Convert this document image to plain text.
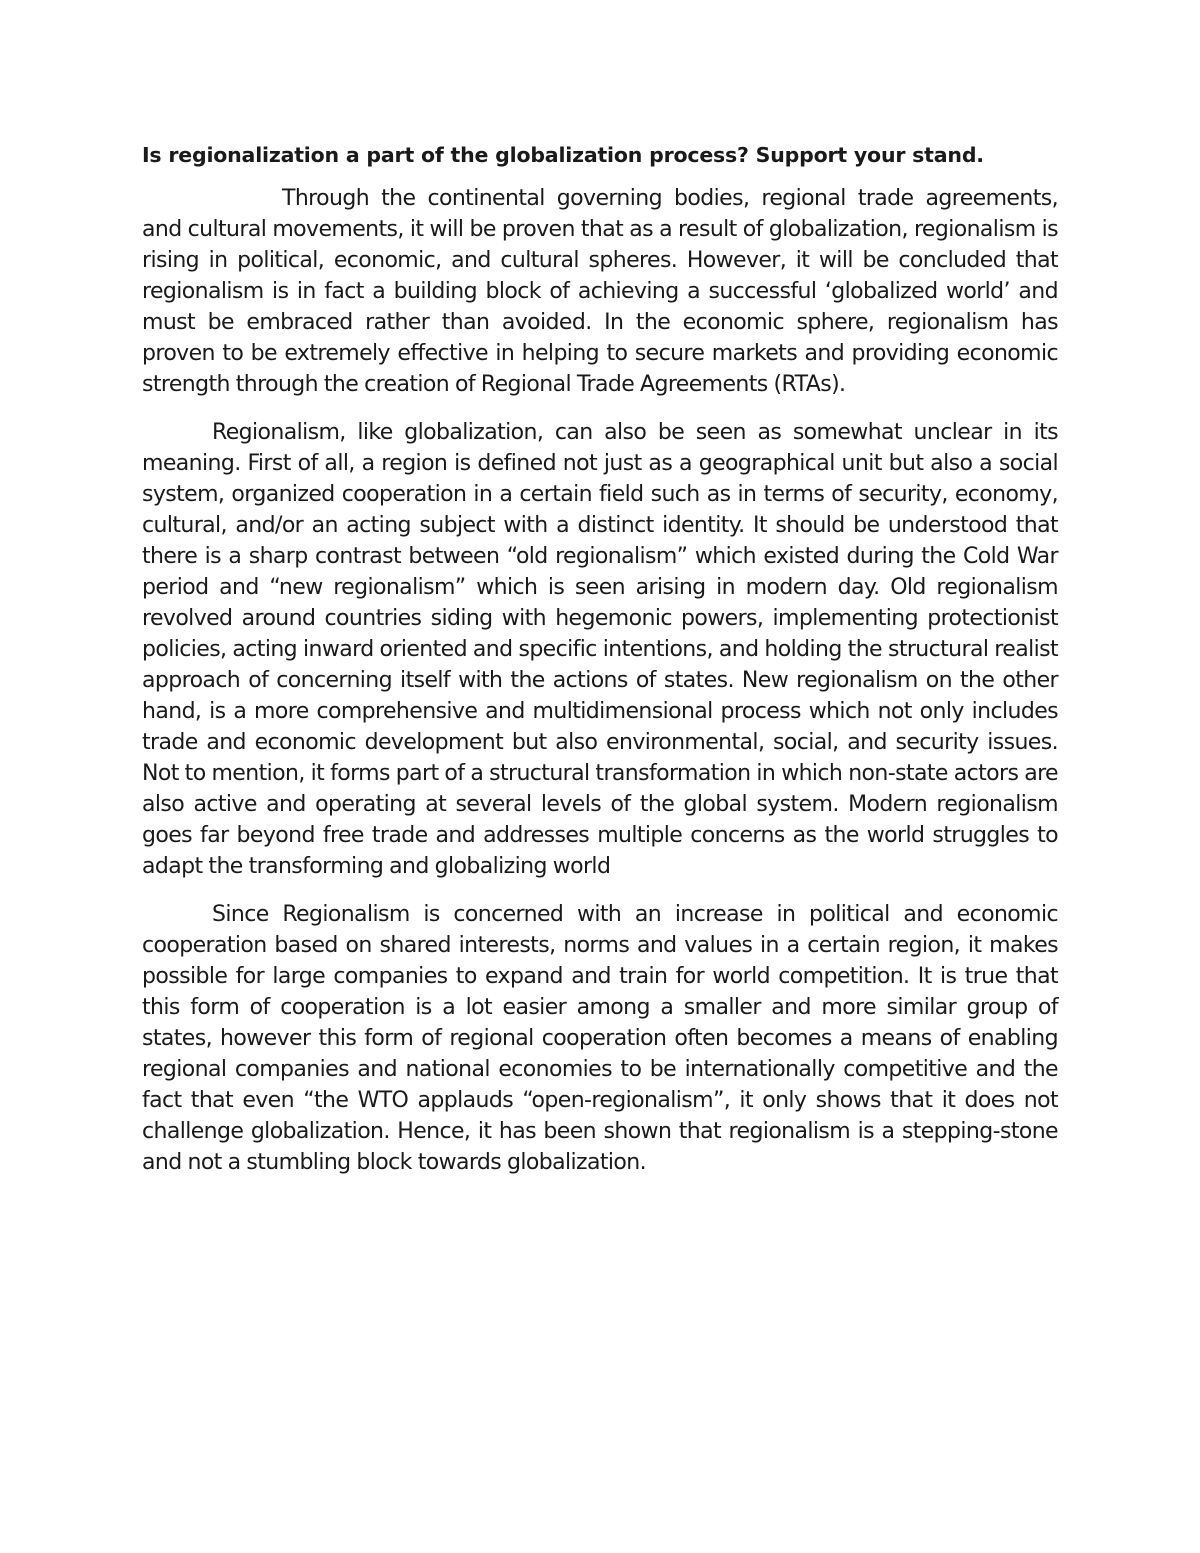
Is regionalization a part of the globalization process? Support your stand.

Through the continental governing bodies, regional trade agreements, and cultural movements, it will be proven that as a result of globalization, regionalism is rising in political, economic, and cultural spheres. However, it will be concluded that regionalism is in fact a building block of achieving a successful ‘globalized world’ and must be embraced rather than avoided. In the economic sphere, regionalism has proven to be extremely effective in helping to secure markets and providing economic strength through the creation of Regional Trade Agreements (RTAs).

Regionalism, like globalization, can also be seen as somewhat unclear in its meaning. First of all, a region is defined not just as a geographical unit but also a social system, organized cooperation in a certain field such as in terms of security, economy, cultural, and/or an acting subject with a distinct identity. It should be understood that there is a sharp contrast between “old regionalism” which existed during the Cold War period and “new regionalism” which is seen arising in modern day. Old regionalism revolved around countries siding with hegemonic powers, implementing protectionist policies, acting inward oriented and specific intentions, and holding the structural realist approach of concerning itself with the actions of states. New regionalism on the other hand, is a more comprehensive and multidimensional process which not only includes trade and economic development but also environmental, social, and security issues. Not to mention, it forms part of a structural transformation in which non-state actors are also active and operating at several levels of the global system. Modern regionalism goes far beyond free trade and addresses multiple concerns as the world struggles to adapt the transforming and globalizing world

Since Regionalism is concerned with an increase in political and economic cooperation based on shared interests, norms and values in a certain region, it makes possible for large companies to expand and train for world competition. It is true that this form of cooperation is a lot easier among a smaller and more similar group of states, however this form of regional cooperation often becomes a means of enabling regional companies and national economies to be internationally competitive and the fact that even “the WTO applauds “open-regionalism”, it only shows that it does not challenge globalization. Hence, it has been shown that regionalism is a stepping-stone and not a stumbling block towards globalization.
